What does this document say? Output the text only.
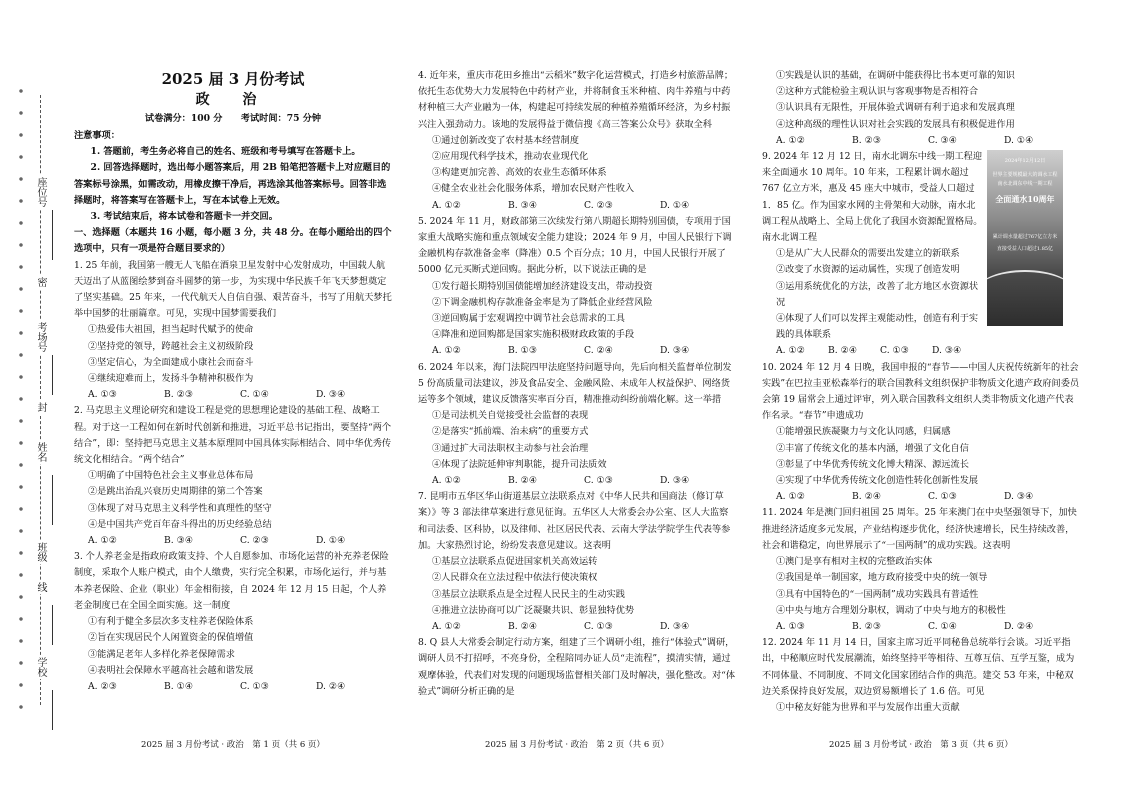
座位号
密
考场号
封
姓名
班级
线
学校

2025 届 3 月份考试

政 治

试卷满分：100 分　　考试时间：75 分钟

注意事项：

1. 答题前，考生务必将自己的姓名、班级和考号填写在答题卡上。

2. 回答选择题时，选出每小题答案后，用 2B 铅笔把答题卡上对应题目的答案标号涂黑，如需改动，用橡皮擦干净后，再选涂其他答案标号。回答非选择题时，将答案写在答题卡上，写在本试卷上无效。

3. 考试结束后，将本试卷和答题卡一并交回。

一、选择题（本题共 16 小题，每小题 3 分，共 48 分。在每小题给出的四个选项中，只有一项是符合题目要求的）

1. 25 年前，我国第一艘无人飞船在酒泉卫星发射中心发射成功，中国载人航天迈出了从蓝图绘梦到奋斗圆梦的第一步，为实现中华民族千年飞天梦想奠定了坚实基础。25 年来，一代代航天人自信自强、艰苦奋斗，书写了用航天梦托举中国梦的壮丽篇章。可见，实现中国梦需要我们

①热爱伟大祖国，担当起时代赋予的使命

②坚持党的领导，跨越社会主义初级阶段

③坚定信心，为全面建成小康社会而奋斗

④继续迎难而上，发扬斗争精神积极作为

A. ①③	B. ②③	C. ①④	D. ③④

2. 马克思主义理论研究和建设工程是党的思想理论建设的基础工程、战略工程。对于这一工程如何在新时代创新和推进，习近平总书记指出，要坚持“两个结合”，即：坚持把马克思主义基本原理同中国具体实际相结合、同中华优秀传统文化相结合。“两个结合”

①明确了中国特色社会主义事业总体布局

②是跳出治乱兴衰历史周期律的第二个答案

③体现了对马克思主义科学性和真理性的坚守

④是中国共产党百年奋斗得出的历史经验总结

A. ①②	B. ③④	C. ②③	D. ①④

3. 个人养老金是指政府政策支持、个人自愿参加、市场化运营的补充养老保险制度，采取个人账户模式，由个人缴费，实行完全积累，市场化运行，并与基本养老保险、企业（职业）年金相衔接，自 2024 年 12 月 15 日起，个人养老金制度已在全国全面实施。这一制度

①有利于健全多层次多支柱养老保险体系

②旨在实现居民个人闲置资金的保值增值

③能满足老年人多样化养老保障需求

④表明社会保障水平越高社会越和谐发展

A. ②③	B. ①④	C. ①③	D. ②④
2025 届 3 月份考试 · 政治　第 1 页（共 6 页）

4. 近年来，重庆市花田乡推出“云稻米”数字化运营模式，打造乡村旅游品牌；依托生态优势大力发展特色中药材产业，并将制食玉米种植、肉牛养殖与中药材种植三大产业融为一体，构建起可持续发展的种植养殖循环经济，为乡村振兴注入强劲动力。该地的发展得益于微信搜《高三答案公众号》获取全科

①通过创新改变了农村基本经营制度

②应用现代科学技术，推动农业现代化

③构建更加完善、高效的农业生态循环体系

④健全农业社会化服务体系，增加农民财产性收入

A. ①②	B. ③④	C. ②③	D. ①④

5. 2024 年 11 月，财政部第三次续发行第八期超长期特别国债，专项用于国家重大战略实施和重点领域安全能力建设；2024 年 9 月，中国人民银行下调金融机构存款准备金率（降准）0.5 个百分点；10 月，中国人民银行开展了 5000 亿元买断式逆回购。据此分析，以下说法正确的是

①发行超长期特别国债能增加经济建设支出，带动投资

②下调金融机构存款准备金率是为了降低企业经营风险

③逆回购属于宏观调控中调节社会总需求的工具

④降准和逆回购都是国家实施积极财政政策的手段

A. ①②	B. ①③	C. ②④	D. ③④

6. 2024 年以来，海门法院四甲法庭坚持问题导向，先后向相关监督单位制发 5 份高质量司法建议，涉及食品安全、金融风险、未成年人权益保护、网络货运等多个领域，建议反馈落实率百分百，精准推动纠纷前端化解。这一举措

①是司法机关自觉接受社会监督的表现

②是落实“抓前端、治未病”的重要方式

③通过扩大司法职权主动参与社会治理

④体现了法院延伸审判职能，提升司法质效

A. ①②	B. ②④	C. ①③	D. ③④

7. 昆明市五华区华山街道基层立法联系点对《中华人民共和国商法（修订草案）》等 3 部法律草案进行意见征询。五华区人大常委会办公室、区人大监察和司法委、区科协，以及律师、社区居民代表、云南大学法学院学生代表等参加。大家热烈讨论，纷纷发表意见建议。这表明

①基层立法联系点促进国家机关高效运转

②人民群众在立法过程中依法行使决策权

③基层立法联系点是全过程人民民主的生动实践

④推进立法协商可以广泛凝聚共识、彰显独特优势

A. ①②	B. ②④	C. ①③	D. ③④

8. Q 县人大常委会制定行动方案，组建了三个调研小组，推行“体验式”调研，调研人员不打招呼，不亮身份，全程陪同办证人员“走流程”，摸清实情，通过观摩体验，代表们对发现的问题现场监督相关部门及时解决，强化整改。对“体验式”调研分析正确的是

2025 届 3 月份考试 · 政治　第 2 页（共 6 页）

①实践是认识的基础，在调研中能获得比书本更可靠的知识

②这种方式能检验主观认识与客观事物是否相符合

③认识具有无限性，开展体验式调研有利于追求和发展真理

④这种高级的理性认识对社会实践的发展具有积极促进作用

A. ①②	B. ②③	C. ③④	D. ①④

9. 2024 年 12 月 12 日，南水北调东中线一期工程迎来全面通水 10 周年。10 年来，工程累计调水超过 767 亿立方米，惠及 45 座大中城市，受益人口超过 1．85 亿。作为国家水网的主骨架和大动脉，南水北调工程从战略上、全局上优化了我国水资源配置格局。南水北调工程

①是从广大人民群众的需要出发建立的新联系

②改变了水资源的运动属性，实现了创造发明

③运用系统优化的方法，改善了北方地区水资源状况

④体现了人们可以发挥主观能动性，创造有利于实践的具体联系

A. ①②	B. ②④	C. ①③	D. ③④

10. 2024 年 12 月 4 日晚，我国申报的“春节——中国人庆祝传统新年的社会实践”在巴拉圭亚松森举行的联合国教科文组织保护非物质文化遗产政府间委员会第 19 届常会上通过评审，列入联合国教科文组织人类非物质文化遗产代表作名录。“春节”申遗成功

①能增强民族凝聚力与文化认同感，归属感

②丰富了传统文化的基本内涵，增强了文化自信

③彰显了中华优秀传统文化博大精深、源远流长

④实现了中华优秀传统文化创造性转化创新性发展

A. ①②	B. ②④	C. ①③	D. ③④

11. 2024 年是澳门回归祖国 25 周年。25 年来澳门在中央坚强领导下，加快推进经济适度多元发展，产业结构逐步优化，经济快速增长，民生持续改善，社会和谐稳定，向世界展示了“一国两制”的成功实践。这表明

①澳门是享有相对主权的完整政治实体

②我国是单一制国家，地方政府接受中央的统一领导

③具有中国特色的“一国两制”成功实践具有普适性

④中央与地方合理划分职权，调动了中央与地方的积极性

A. ①③	B. ②③	C. ①④	D. ②④

12. 2024 年 11 月 14 日，国家主席习近平同秘鲁总统举行会谈。习近平指出，中秘顺应时代发展潮流，始终坚持平等相待、互尊互信、互学互鉴，成为不同体量、不同制度、不同文化国家团结合作的典范。建交 53 年来，中秘双边关系保持良好发展，双边贸易额增长了 1.6 倍。可见

①中秘友好能为世界和平与发展作出重大贡献

2025 届 3 月份考试 · 政治　第 3 页（共 6 页）
2024年12月12日
世界主要规模最大的调水工程
南水北调东中线一期工程
全面通水10周年
累计调水量超过767亿立方米
直接受益人口超过1.85亿
